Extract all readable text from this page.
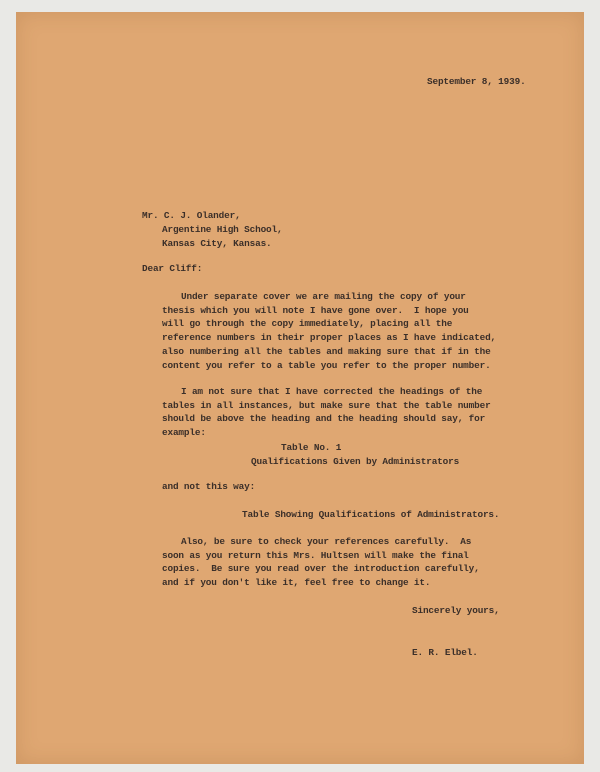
September 8, 1939.
Mr. C. J. Olander,
Argentine High School,
Kansas City, Kansas.
Dear Cliff:
Under separate cover we are mailing the copy of your
thesis which you will note I have gone over.  I hope you
will go through the copy immediately, placing all the
reference numbers in their proper places as I have indicated,
also numbering all the tables and making sure that if in the
content you refer to a table you refer to the proper number.
I am not sure that I have corrected the headings of the
tables in all instances, but make sure that the table number
should be above the heading and the heading should say, for
example:
Table No. 1
Qualifications Given by Administrators
and not this way:
Table Showing Qualifications of Administrators.
Also, be sure to check your references carefully.  As
soon as you return this Mrs. Hultsen will make the final
copies.  Be sure you read over the introduction carefully,
and if you don't like it, feel free to change it.
Sincerely yours,
E. R. Elbel.
